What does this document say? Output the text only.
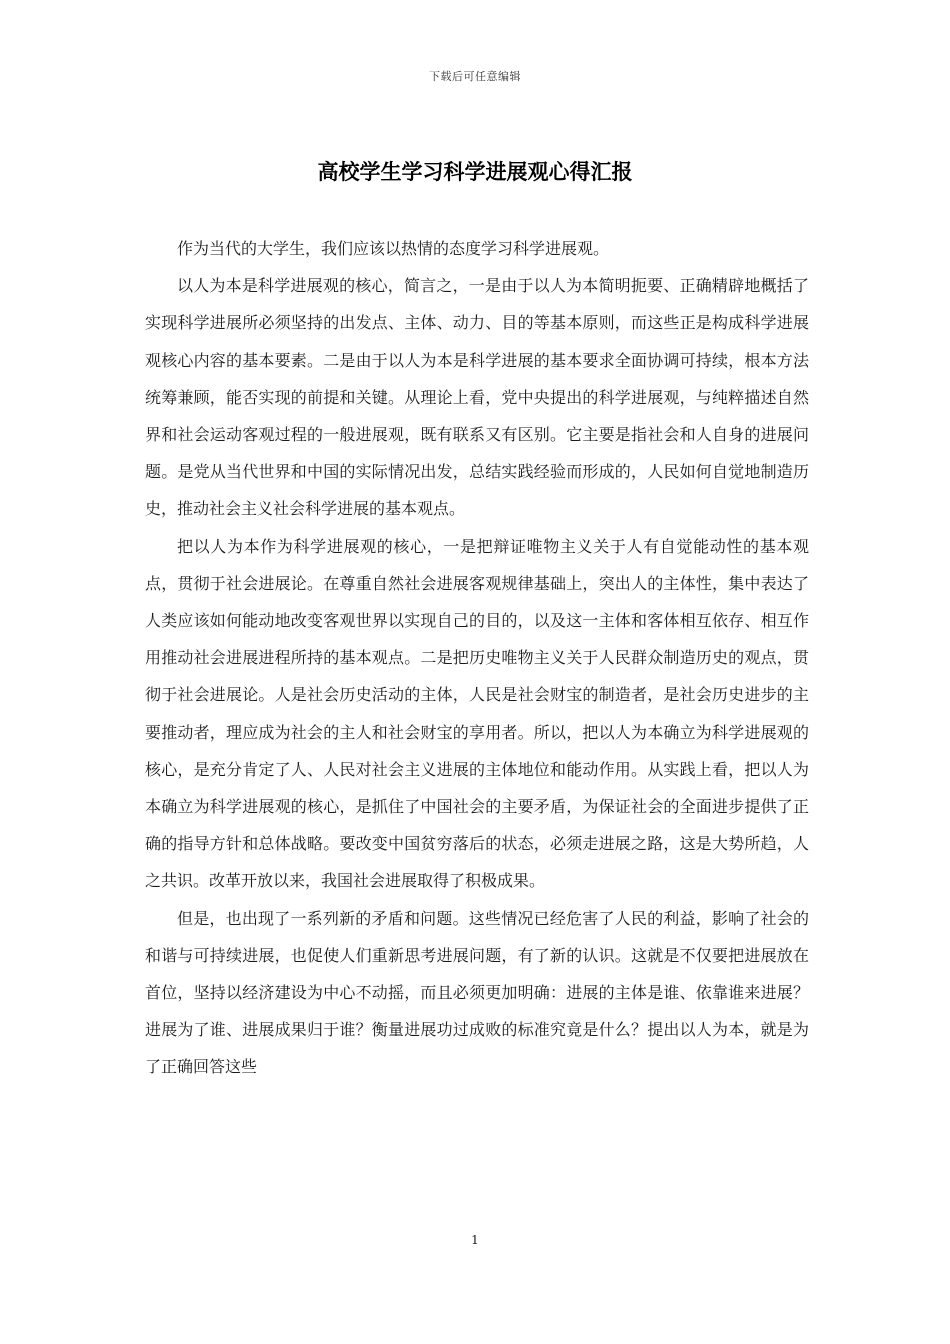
下载后可任意编辑
高校学生学习科学进展观心得汇报

作为当代的大学生，我们应该以热情的态度学习科学进展观。

以人为本是科学进展观的核心，简言之，一是由于以人为本简明扼要、正确精辟地概括了实现科学进展所必须坚持的出发点、主体、动力、目的等基本原则，而这些正是构成科学进展观核心内容的基本要素。二是由于以人为本是科学进展的基本要求全面协调可持续，根本方法统筹兼顾，能否实现的前提和关键。从理论上看，党中央提出的科学进展观，与纯粹描述自然界和社会运动客观过程的一般进展观，既有联系又有区别。它主要是指社会和人自身的进展问题。是党从当代世界和中国的实际情况出发，总结实践经验而形成的，人民如何自觉地制造历史，推动社会主义社会科学进展的基本观点。

把以人为本作为科学进展观的核心，一是把辩证唯物主义关于人有自觉能动性的基本观点，贯彻于社会进展论。在尊重自然社会进展客观规律基础上，突出人的主体性，集中表达了人类应该如何能动地改变客观世界以实现自己的目的，以及这一主体和客体相互依存、相互作用推动社会进展进程所持的基本观点。二是把历史唯物主义关于人民群众制造历史的观点，贯彻于社会进展论。人是社会历史活动的主体，人民是社会财宝的制造者，是社会历史进步的主要推动者，理应成为社会的主人和社会财宝的享用者。所以，把以人为本确立为科学进展观的核心，是充分肯定了人、人民对社会主义进展的主体地位和能动作用。从实践上看，把以人为本确立为科学进展观的核心，是抓住了中国社会的主要矛盾，为保证社会的全面进步提供了正确的指导方针和总体战略。要改变中国贫穷落后的状态，必须走进展之路，这是大势所趋，人之共识。改革开放以来，我国社会进展取得了积极成果。

但是，也出现了一系列新的矛盾和问题。这些情况已经危害了人民的利益，影响了社会的和谐与可持续进展，也促使人们重新思考进展问题，有了新的认识。这就是不仅要把进展放在首位，坚持以经济建设为中心不动摇，而且必须更加明确：进展的主体是谁、依靠谁来进展？进展为了谁、进展成果归于谁？衡量进展功过成败的标准究竟是什么？提出以人为本，就是为了正确回答这些

1
